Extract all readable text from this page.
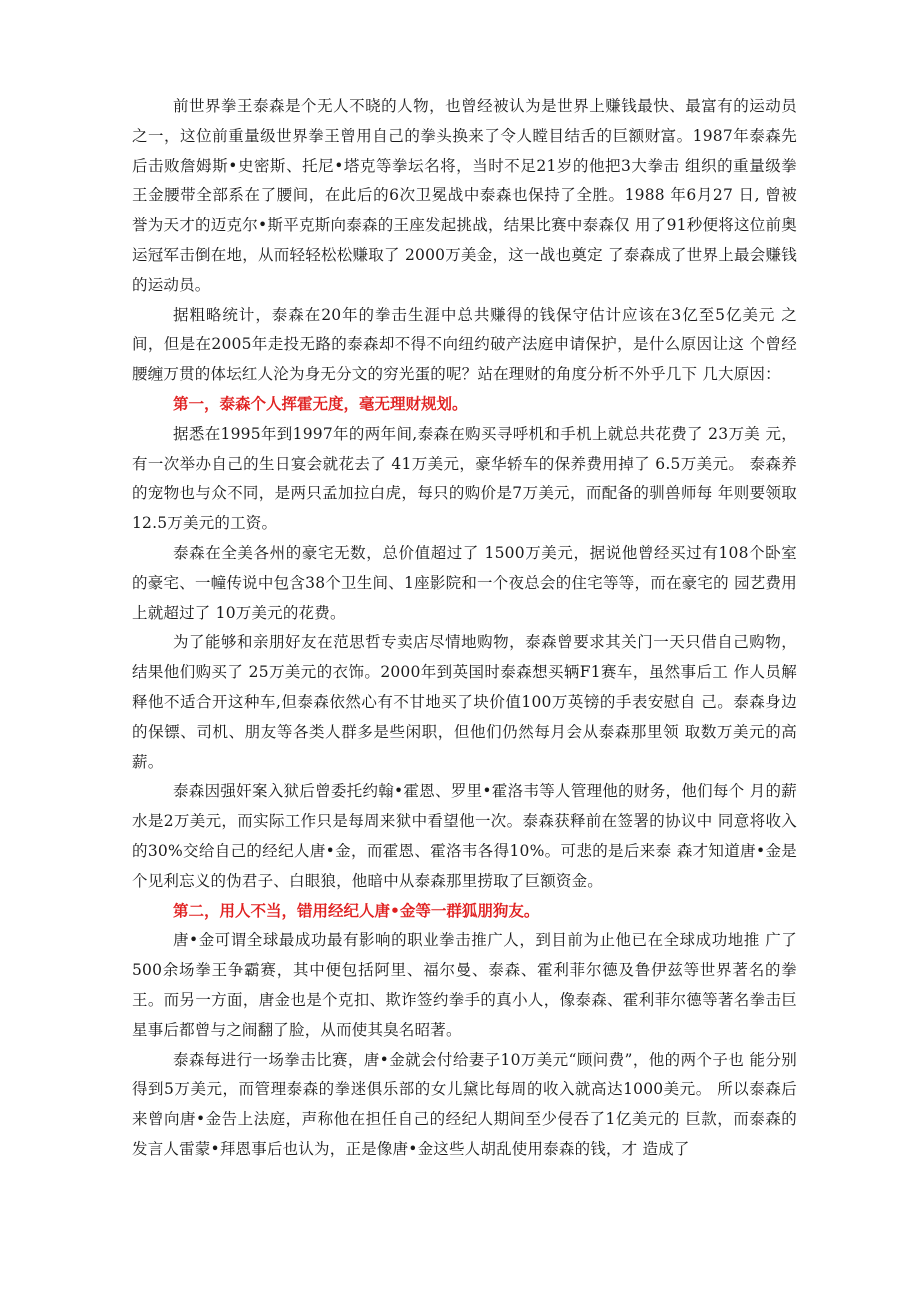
前世界拳王泰森是个无人不晓的人物，也曾经被认为是世界上赚钱最快、最富有的运动员之一，这位前重量级世界拳王曾用自己的拳头换来了令人瞠目结舌的巨额财富。1987年泰森先后击败詹姆斯•史密斯、托尼•塔克等拳坛名将，当时不足21岁的他把3大拳击 组织的重量级拳王金腰带全部系在了腰间，在此后的6次卫冕战中泰森也保持了全胜。1988 年6月27 日, 曾被誉为天才的迈克尔•斯平克斯向泰森的王座发起挑战，结果比赛中泰森仅 用了91秒便将这位前奥运冠军击倒在地，从而轻轻松松赚取了 2000万美金，这一战也奠定 了泰森成了世界上最会赚钱的运动员。

据粗略统计，泰森在20年的拳击生涯中总共赚得的钱保守估计应该在3亿至5亿美元 之间，但是在2005年走投无路的泰森却不得不向纽约破产法庭申请保护，是什么原因让这 个曾经腰缠万贯的体坛红人沦为身无分文的穷光蛋的呢？站在理财的角度分析不外乎几下 几大原因：

第一，泰森个人挥霍无度，毫无理财规划。

据悉在1995年到1997年的两年间,泰森在购买寻呼机和手机上就总共花费了 23万美 元，有一次举办自己的生日宴会就花去了 41万美元，豪华轿车的保养费用掉了 6.5万美元。 泰森养的宠物也与众不同，是两只孟加拉白虎，每只的购价是7万美元，而配备的驯兽师每 年则要领取12.5万美元的工资。

泰森在全美各州的豪宅无数，总价值超过了 1500万美元，据说他曾经买过有108个卧室的豪宅、一幢传说中包含38个卫生间、1座影院和一个夜总会的住宅等等，而在豪宅的 园艺费用上就超过了 10万美元的花费。

为了能够和亲朋好友在范思哲专卖店尽情地购物，泰森曾要求其关门一天只借自己购物，结果他们购买了 25万美元的衣饰。2000年到英国时泰森想买辆F1赛车，虽然事后工 作人员解释他不适合开这种车,但泰森依然心有不甘地买了块价值100万英镑的手表安慰自 己。泰森身边的保镖、司机、朋友等各类人群多是些闲职，但他们仍然每月会从泰森那里领 取数万美元的高薪。

泰森因强奸案入狱后曾委托约翰•霍恩、罗里•霍洛韦等人管理他的财务，他们每个 月的薪水是2万美元，而实际工作只是每周来狱中看望他一次。泰森获释前在签署的协议中 同意将收入的30%交给自己的经纪人唐•金，而霍恩、霍洛韦各得10%。可悲的是后来泰 森才知道唐•金是个见利忘义的伪君子、白眼狼，他暗中从泰森那里捞取了巨额资金。

第二，用人不当，错用经纪人唐•金等一群狐朋狗友。

唐•金可谓全球最成功最有影响的职业拳击推广人，到目前为止他已在全球成功地推 广了 500余场拳王争霸赛，其中便包括阿里、福尔曼、泰森、霍利菲尔德及鲁伊兹等世界著名的拳王。而另一方面，唐金也是个克扣、欺诈签约拳手的真小人，像泰森、霍利菲尔德等著名拳击巨星事后都曾与之闹翻了脸，从而使其臭名昭著。

泰森每进行一场拳击比赛，唐•金就会付给妻子10万美元“顾问费”，他的两个子也 能分别得到5万美元，而管理泰森的拳迷俱乐部的女儿黛比每周的收入就高达1000美元。 所以泰森后来曾向唐•金告上法庭，声称他在担任自己的经纪人期间至少侵吞了1亿美元的 巨款，而泰森的发言人雷蒙•拜恩事后也认为，正是像唐•金这些人胡乱使用泰森的钱，才 造成了
